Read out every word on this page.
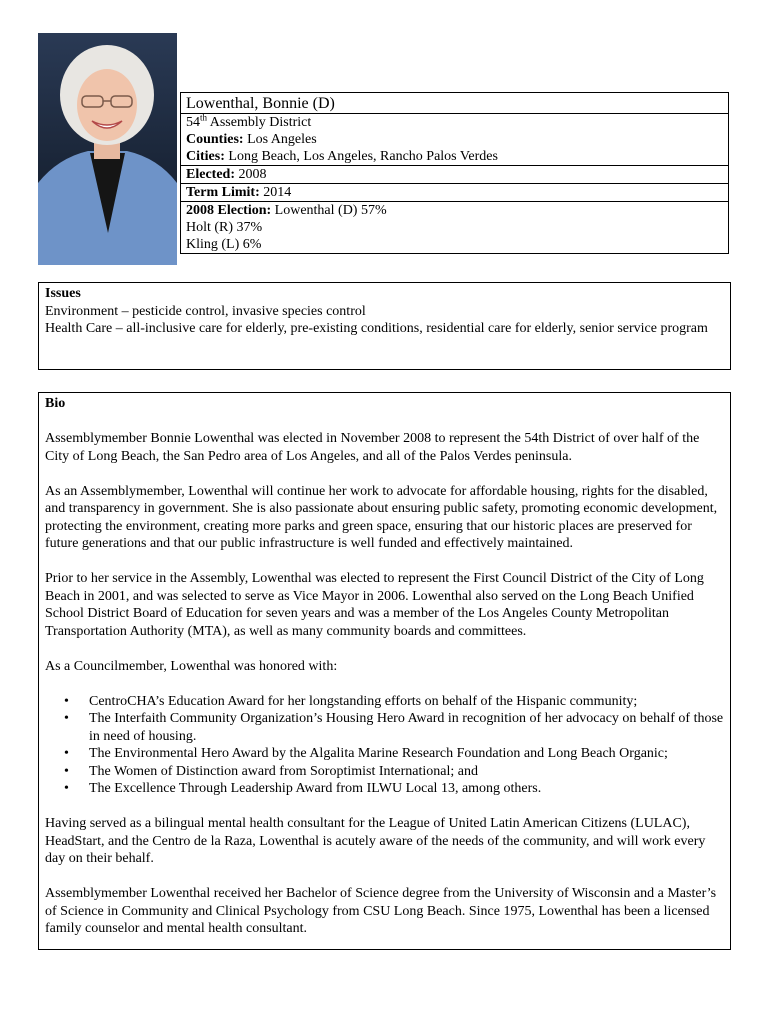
Lowenthal, Bonnie (D)
54th Assembly District
Counties: Los Angeles
Cities: Long Beach, Los Angeles, Rancho Palos Verdes
Elected: 2008
Term Limit: 2014
2008 Election: Lowenthal (D) 57%
Holt (R) 37%
Kling (L) 6%
Issues
Environment – pesticide control, invasive species control
Health Care – all-inclusive care for elderly, pre-existing conditions, residential care for elderly, senior service program

Bio

Assemblymember Bonnie Lowenthal was elected in November 2008 to represent the 54th District of over half of the City of Long Beach, the San Pedro area of Los Angeles, and all of the Palos Verdes peninsula.

As an Assemblymember, Lowenthal will continue her work to advocate for affordable housing, rights for the disabled, and transparency in government. She is also passionate about ensuring public safety, promoting economic development, protecting the environment, creating more parks and green space, ensuring that our historic places are preserved for future generations and that our public infrastructure is well funded and effectively maintained.

Prior to her service in the Assembly, Lowenthal was elected to represent the First Council District of the City of Long Beach in 2001, and was selected to serve as Vice Mayor in 2006. Lowenthal also served on the Long Beach Unified School District Board of Education for seven years and was a member of the Los Angeles County Metropolitan Transportation Authority (MTA), as well as many community boards and committees.

As a Councilmember, Lowenthal was honored with:

• CentroCHA’s Education Award for her longstanding efforts on behalf of the Hispanic community;
• The Interfaith Community Organization’s Housing Hero Award in recognition of her advocacy on behalf of those in need of housing.
• The Environmental Hero Award by the Algalita Marine Research Foundation and Long Beach Organic;
• The Women of Distinction award from Soroptimist International; and
• The Excellence Through Leadership Award from ILWU Local 13, among others.

Having served as a bilingual mental health consultant for the League of United Latin American Citizens (LULAC), HeadStart, and the Centro de la Raza, Lowenthal is acutely aware of the needs of the community, and will work every day on their behalf.

Assemblymember Lowenthal received her Bachelor of Science degree from the University of Wisconsin and a Master’s of Science in Community and Clinical Psychology from CSU Long Beach. Since 1975, Lowenthal has been a licensed family counselor and mental health consultant.
